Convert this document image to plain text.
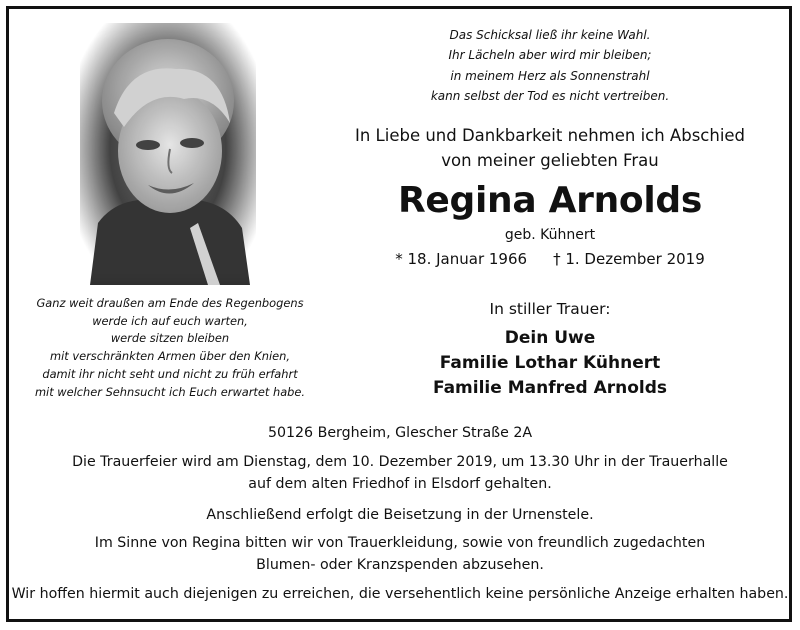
Ganz weit draußen am Ende des Regenbogens
werde ich auf euch warten,
werde sitzen bleiben
mit verschränkten Armen über den Knien,
damit ihr nicht seht und nicht zu früh erfahrt
mit welcher Sehnsucht ich Euch erwartet habe.
Das Schicksal ließ ihr keine Wahl.
Ihr Lächeln aber wird mir bleiben;
in meinem Herz als Sonnenstrahl
kann selbst der Tod es nicht vertreiben.
In Liebe und Dankbarkeit nehmen ich Abschied
von meiner geliebten Frau
Regina Arnolds
geb. Kühnert
* 18. Januar 1966 † 1. Dezember 2019
In stiller Trauer:
Dein Uwe
Familie Lothar Kühnert
Familie Manfred Arnolds
50126 Bergheim, Glescher Straße 2A
Die Trauerfeier wird am Dienstag, dem 10. Dezember 2019, um 13.30 Uhr in der Trauerhalle
auf dem alten Friedhof in Elsdorf gehalten.
Anschließend erfolgt die Beisetzung in der Urnenstele.
Im Sinne von Regina bitten wir von Trauerkleidung, sowie von freundlich zugedachten
Blumen- oder Kranzspenden abzusehen.
Wir hoffen hiermit auch diejenigen zu erreichen, die versehentlich keine persönliche Anzeige erhalten haben.
